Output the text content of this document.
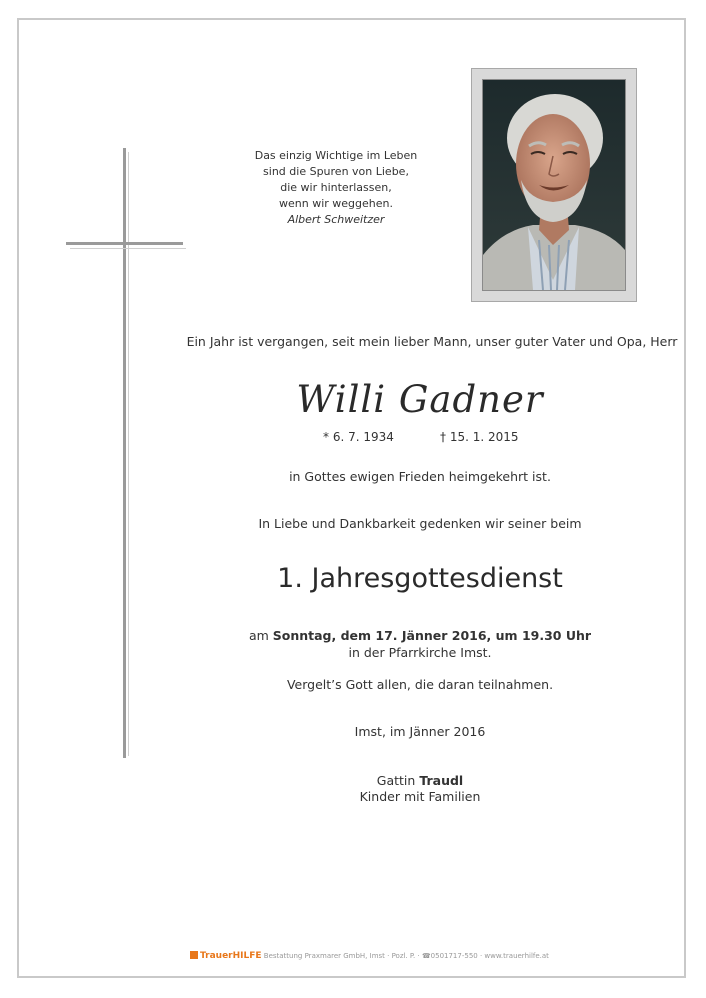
Das einzig Wichtige im Leben
sind die Spuren von Liebe,
die wir hinterlassen,
wenn wir weggehen.
Albert Schweitzer
Ein Jahr ist vergangen, seit mein lieber Mann, unser guter Vater und Opa, Herr
Willi Gadner
* 6. 7. 1934	† 15. 1. 2015
in Gottes ewigen Frieden heimgekehrt ist.
In Liebe und Dankbarkeit gedenken wir seiner beim
1. Jahresgottesdienst
am Sonntag, dem 17. Jänner 2016, um 19.30 Uhr
in der Pfarrkirche Imst.
Vergelt’s Gott allen, die daran teilnahmen.
Imst, im Jänner 2016
Gattin Traudl
Kinder mit Familien
TrauerHILFE Bestattung Praxmarer GmbH, Imst · Pozl. P. · ☎0501717-550 · www.trauerhilfe.at
